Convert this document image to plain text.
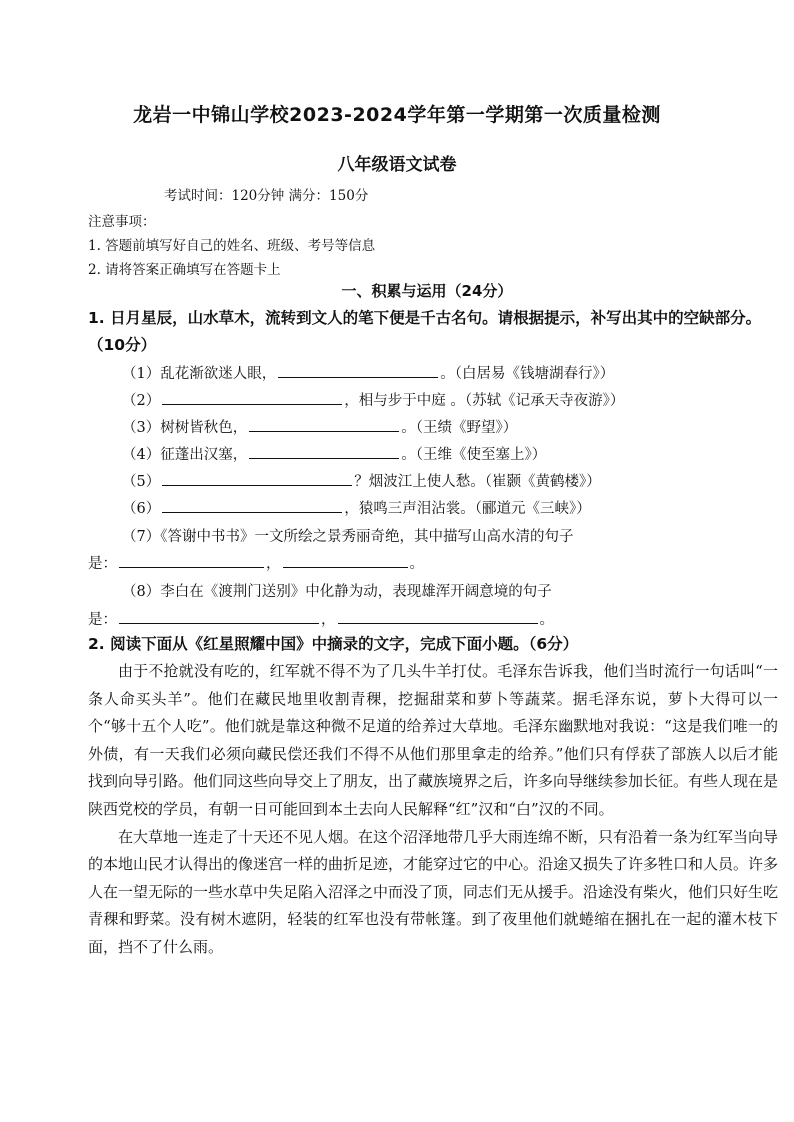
龙岩一中锦山学校2023-2024学年第一学期第一次质量检测
八年级语文试卷
考试时间：120分钟 满分：150分
注意事项：
1. 答题前填写好自己的姓名、班级、考号等信息
2. 请将答案正确填写在答题卡上
一、积累与运用（24分）
1. 日月星辰，山水草木，流转到文人的笔下便是千古名句。请根据提示，补写出其中的空缺部分。（10分）
（1）乱花渐欲迷人眼，	。（白居易《钱塘湖春行》）
（2）	，相与步于中庭 。（苏轼《记承天寺夜游》）
（3）树树皆秋色，	。（王绩《野望》）
（4）征蓬出汉塞，	。（王维《使至塞上》）
（5）	？烟波江上使人愁。（崔颢《黄鹤楼》）
（6）	，猿鸣三声泪沾裳。（郦道元《三峡》）
（7）《答谢中书书》一文所绘之景秀丽奇绝，其中描写山高水清的句子
是：	，	。
（8）李白在《渡荆门送别》中化静为动，表现雄浑开阔意境的句子
是：	，	。
2. 阅读下面从《红星照耀中国》中摘录的文字，完成下面小题。（6分）

由于不抢就没有吃的，红军就不得不为了几头牛羊打仗。毛泽东告诉我，他们当时流行一句话叫“一条人命买头羊”。他们在藏民地里收割青稞，挖掘甜菜和萝卜等蔬菜。据毛泽东说，萝卜大得可以一个“够十五个人吃”。他们就是靠这种微不足道的给养过大草地。毛泽东幽默地对我说：“这是我们唯一的外债，有一天我们必须向藏民偿还我们不得不从他们那里拿走的给养。”他们只有俘获了部族人以后才能找到向导引路。他们同这些向导交上了朋友，出了藏族境界之后，许多向导继续参加长征。有些人现在是陕西党校的学员，有朝一日可能回到本土去向人民解释“红”汉和“白”汉的不同。

在大草地一连走了十天还不见人烟。在这个沼泽地带几乎大雨连绵不断，只有沿着一条为红军当向导的本地山民才认得出的像迷宫一样的曲折足迹，才能穿过它的中心。沿途又损失了许多牲口和人员。许多人在一望无际的一些水草中失足陷入沼泽之中而没了顶，同志们无从援手。沿途没有柴火，他们只好生吃青稞和野菜。没有树木遮阴，轻装的红军也没有带帐篷。到了夜里他们就蜷缩在捆扎在一起的灌木枝下面，挡不了什么雨。
